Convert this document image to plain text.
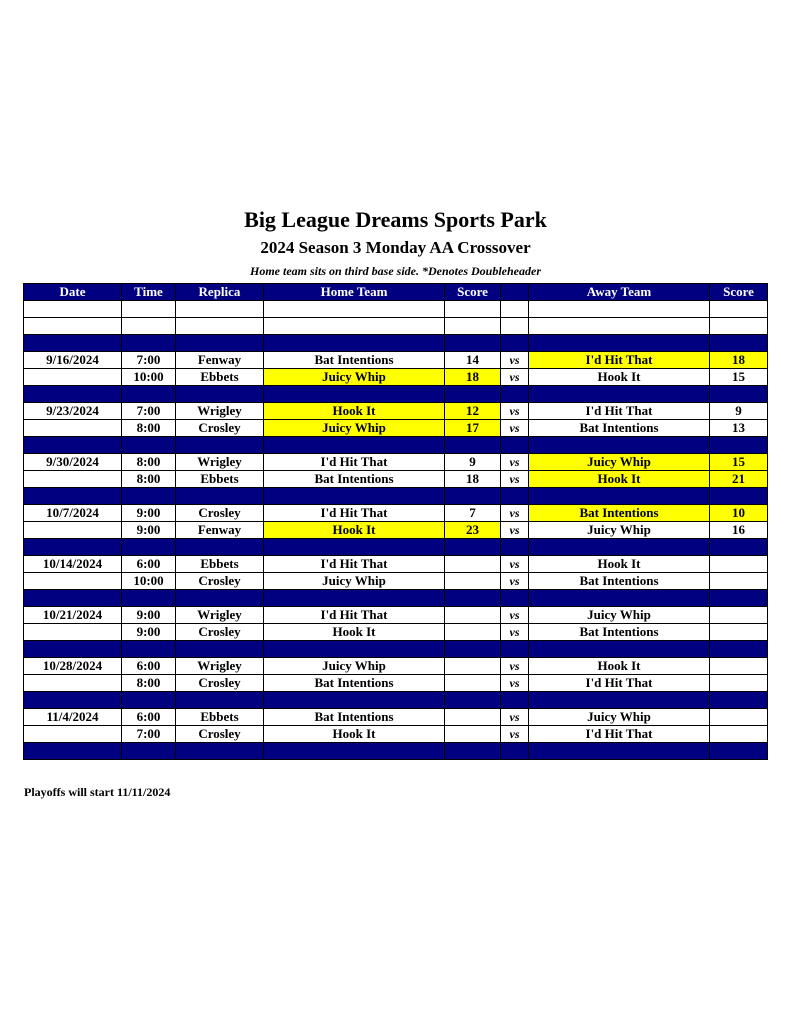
Big League Dreams Sports Park
2024 Season 3 Monday AA Crossover
Home team sits on third base side. *Denotes Doubleheader
Date	Time	Replica	Home Team	Score		Away Team	Score

9/16/2024	7:00	Fenway	Bat Intentions	14	vs	I'd Hit That	18
	10:00	Ebbets	Juicy Whip	18	vs	Hook It	15

9/23/2024	7:00	Wrigley	Hook It	12	vs	I'd Hit That	9
	8:00	Crosley	Juicy Whip	17	vs	Bat Intentions	13

9/30/2024	8:00	Wrigley	I'd Hit That	9	vs	Juicy Whip	15
	8:00	Ebbets	Bat Intentions	18	vs	Hook It	21

10/7/2024	9:00	Crosley	I'd Hit That	7	vs	Bat Intentions	10
	9:00	Fenway	Hook It	23	vs	Juicy Whip	16

10/14/2024	6:00	Ebbets	I'd Hit That		vs	Hook It	
	10:00	Crosley	Juicy Whip		vs	Bat Intentions	

10/21/2024	9:00	Wrigley	I'd Hit That		vs	Juicy Whip	
	9:00	Crosley	Hook It		vs	Bat Intentions	

10/28/2024	6:00	Wrigley	Juicy Whip		vs	Hook It	
	8:00	Crosley	Bat Intentions		vs	I'd Hit That	

11/4/2024	6:00	Ebbets	Bat Intentions		vs	Juicy Whip	
	7:00	Crosley	Hook It		vs	I'd Hit That	

Playoffs will start 11/11/2024
